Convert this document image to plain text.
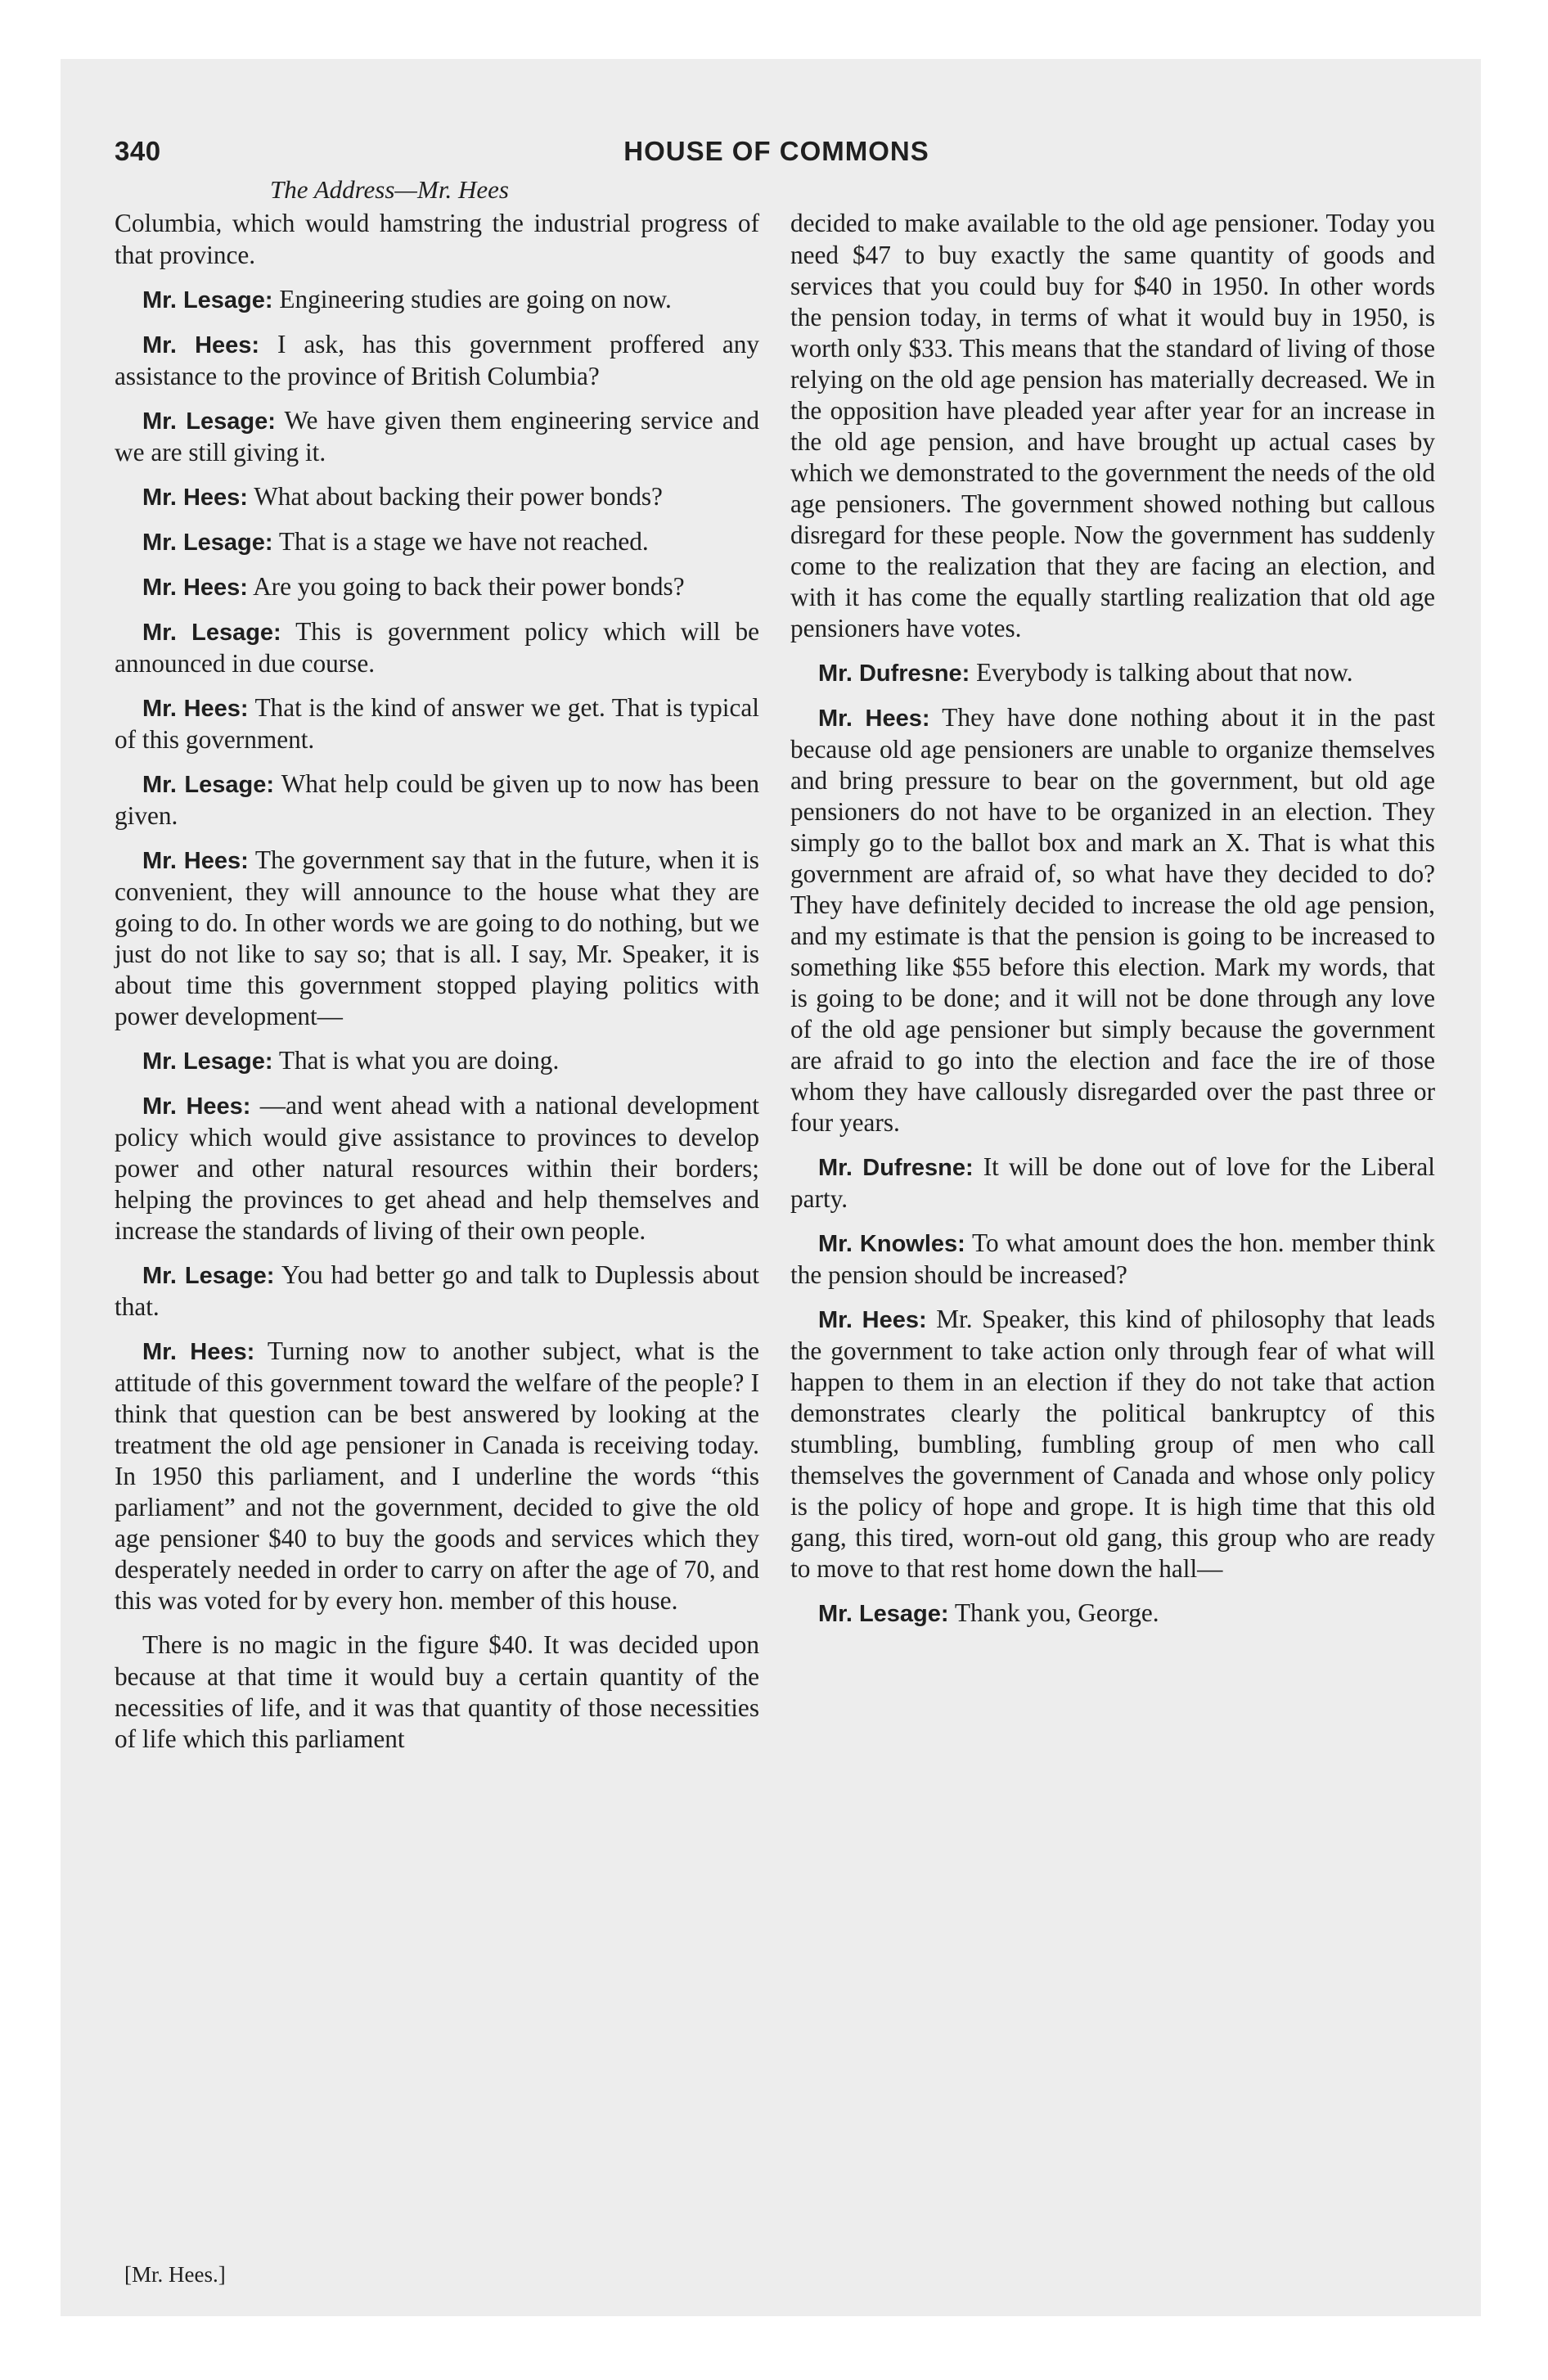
340	HOUSE OF COMMONS
The Address—Mr. Hees

Columbia, which would hamstring the industrial progress of that province.

Mr. Lesage: Engineering studies are going on now.

Mr. Hees: I ask, has this government proffered any assistance to the province of British Columbia?

Mr. Lesage: We have given them engineering service and we are still giving it.

Mr. Hees: What about backing their power bonds?

Mr. Lesage: That is a stage we have not reached.

Mr. Hees: Are you going to back their power bonds?

Mr. Lesage: This is government policy which will be announced in due course.

Mr. Hees: That is the kind of answer we get. That is typical of this government.

Mr. Lesage: What help could be given up to now has been given.

Mr. Hees: The government say that in the future, when it is convenient, they will announce to the house what they are going to do. In other words we are going to do nothing, but we just do not like to say so; that is all. I say, Mr. Speaker, it is about time this government stopped playing politics with power development—

Mr. Lesage: That is what you are doing.

Mr. Hees: —and went ahead with a national development policy which would give assistance to provinces to develop power and other natural resources within their borders; helping the provinces to get ahead and help themselves and increase the standards of living of their own people.

Mr. Lesage: You had better go and talk to Duplessis about that.

Mr. Hees: Turning now to another subject, what is the attitude of this government toward the welfare of the people? I think that question can be best answered by looking at the treatment the old age pensioner in Canada is receiving today. In 1950 this parliament, and I underline the words “this parliament” and not the government, decided to give the old age pensioner $40 to buy the goods and services which they desperately needed in order to carry on after the age of 70, and this was voted for by every hon. member of this house.

There is no magic in the figure $40. It was decided upon because at that time it would buy a certain quantity of the necessities of life, and it was that quantity of those necessities of life which this parliament

decided to make available to the old age pensioner. Today you need $47 to buy exactly the same quantity of goods and services that you could buy for $40 in 1950. In other words the pension today, in terms of what it would buy in 1950, is worth only $33. This means that the standard of living of those relying on the old age pension has materially decreased. We in the opposition have pleaded year after year for an increase in the old age pension, and have brought up actual cases by which we demonstrated to the government the needs of the old age pensioners. The government showed nothing but callous disregard for these people. Now the government has suddenly come to the realization that they are facing an election, and with it has come the equally startling realization that old age pensioners have votes.

Mr. Dufresne: Everybody is talking about that now.

Mr. Hees: They have done nothing about it in the past because old age pensioners are unable to organize themselves and bring pressure to bear on the government, but old age pensioners do not have to be organized in an election. They simply go to the ballot box and mark an X. That is what this government are afraid of, so what have they decided to do? They have definitely decided to increase the old age pension, and my estimate is that the pension is going to be increased to something like $55 before this election. Mark my words, that is going to be done; and it will not be done through any love of the old age pensioner but simply because the government are afraid to go into the election and face the ire of those whom they have callously disregarded over the past three or four years.

Mr. Dufresne: It will be done out of love for the Liberal party.

Mr. Knowles: To what amount does the hon. member think the pension should be increased?

Mr. Hees: Mr. Speaker, this kind of philosophy that leads the government to take action only through fear of what will happen to them in an election if they do not take that action demonstrates clearly the political bankruptcy of this stumbling, bumbling, fumbling group of men who call themselves the government of Canada and whose only policy is the policy of hope and grope. It is high time that this old gang, this tired, worn-out old gang, this group who are ready to move to that rest home down the hall—

Mr. Lesage: Thank you, George.

[Mr. Hees.]
